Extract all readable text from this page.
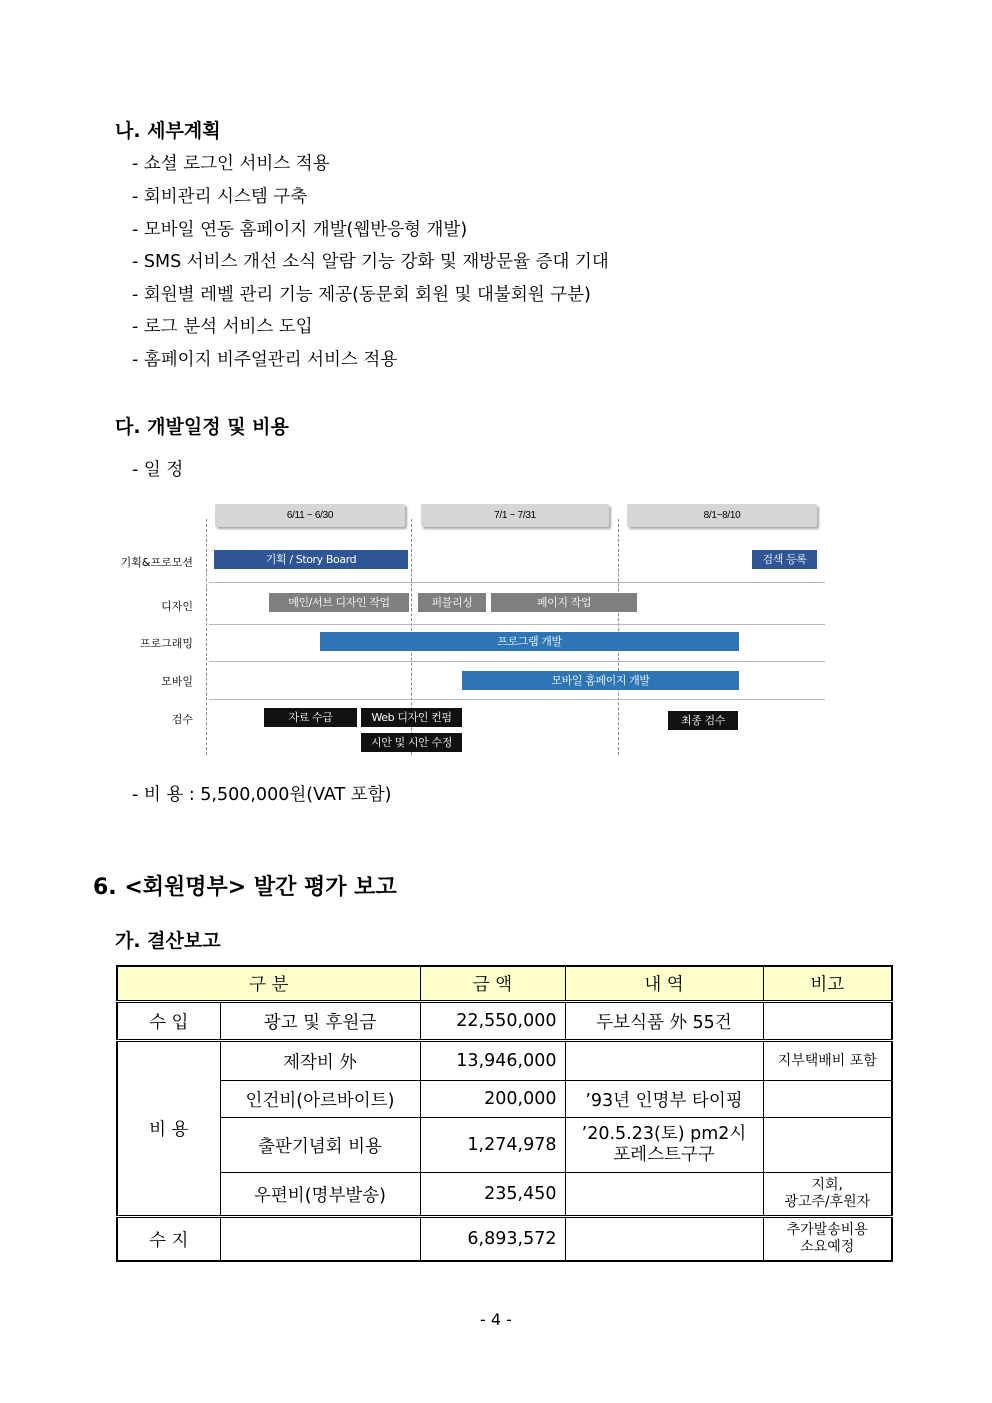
나. 세부계획
- 쇼셜 로그인 서비스 적용
- 회비관리 시스템 구축
- 모바일 연동 홈페이지 개발(웹반응형 개발)
- SMS 서비스 개선 소식 알람 기능 강화 및 재방문율 증대 기대
- 회원별 레벨 관리 기능 제공(동문회 회원 및 대불회원 구분)
- 로그 분석 서비스 도입
- 홈페이지 비주얼관리 서비스 적용
다. 개발일정 및 비용
- 일 정
6/11 ~ 6/30	7/1 ~ 7/31	8/1~8/10
기획&프로모션
디자인
프로그래밍
모바일
검수
기획 / Story Board	검색 등록
메인/서브 디자인 작업	퍼블리싱	페이지 작업
프로그램 개발
모바일 홈페이지 개발
자료 수급	Web 디자인 컨펌
시안 및 시안 수정
최종 검수
- 비 용 : 5,500,000원(VAT 포함)
6. <회원명부> 발간 평가 보고
가. 결산보고
구 분		금 액	내 역	비고
수 입	광고 및 후원금	22,550,000	두보식품 外 55건	
비 용	제작비 外	13,946,000		지부택배비 포함
	인건비(아르바이트)	200,000	’93년 인명부 타이핑	
	출판기념회 비용	1,274,978	’20.5.23(토) pm2시
포레스트구구	

	우편비(명부발송)	235,450		지회,
광고주/후원자

수 지		6,893,572		추가발송비용
소요예정
- 4 -
